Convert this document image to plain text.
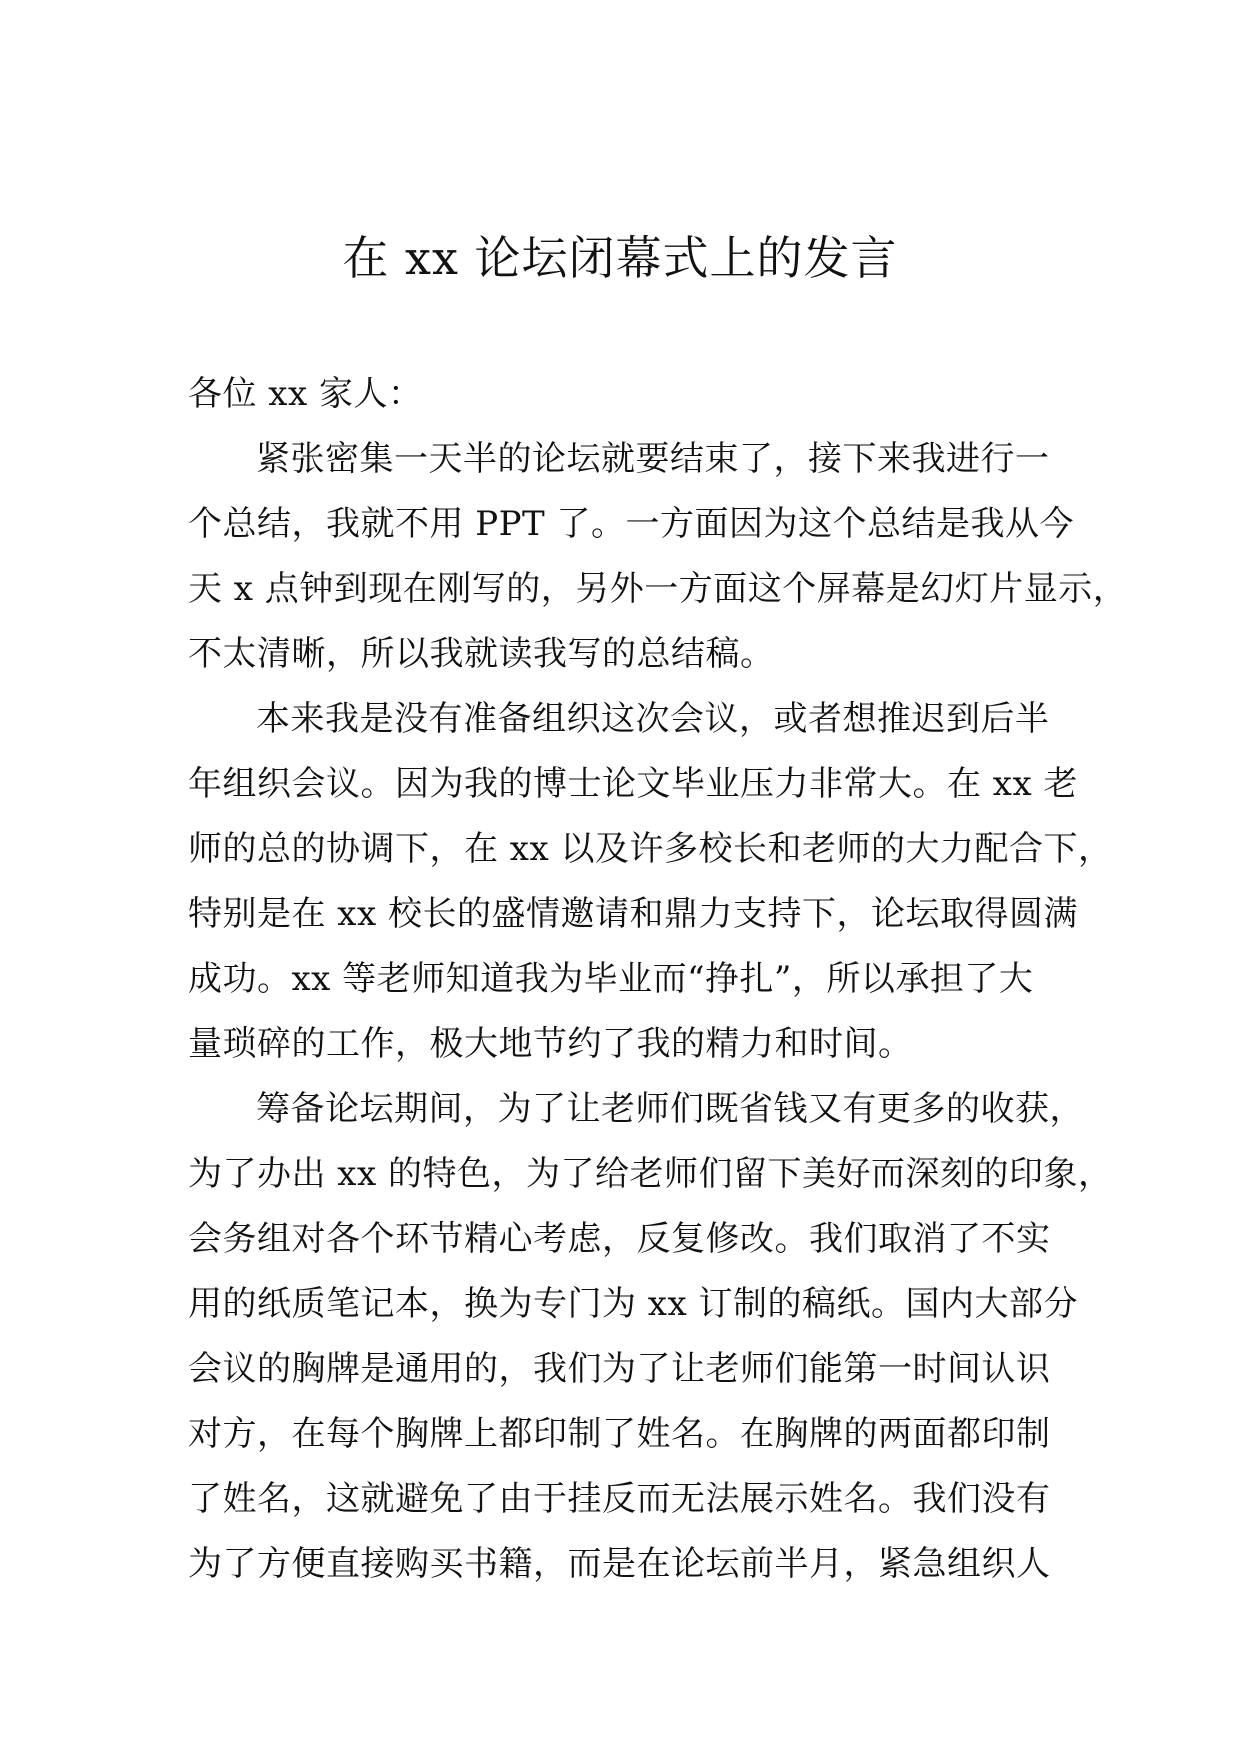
在 xx 论坛闭幕式上的发言
各位 xx 家人：
紧张密集一天半的论坛就要结束了，接下来我进行一
个总结，我就不用 PPT 了。一方面因为这个总结是我从今
天 x 点钟到现在刚写的，另外一方面这个屏幕是幻灯片显示，
不太清晰，所以我就读我写的总结稿。
本来我是没有准备组织这次会议，或者想推迟到后半
年组织会议。因为我的博士论文毕业压力非常大。在 xx 老
师的总的协调下，在 xx 以及许多校长和老师的大力配合下，
特别是在 xx 校长的盛情邀请和鼎力支持下，论坛取得圆满
成功。xx 等老师知道我为毕业而“挣扎”，所以承担了大
量琐碎的工作，极大地节约了我的精力和时间。
筹备论坛期间，为了让老师们既省钱又有更多的收获，
为了办出 xx 的特色，为了给老师们留下美好而深刻的印象，
会务组对各个环节精心考虑，反复修改。我们取消了不实
用的纸质笔记本，换为专门为 xx 订制的稿纸。国内大部分
会议的胸牌是通用的，我们为了让老师们能第一时间认识
对方，在每个胸牌上都印制了姓名。在胸牌的两面都印制
了姓名，这就避免了由于挂反而无法展示姓名。我们没有
为了方便直接购买书籍，而是在论坛前半月，紧急组织人
